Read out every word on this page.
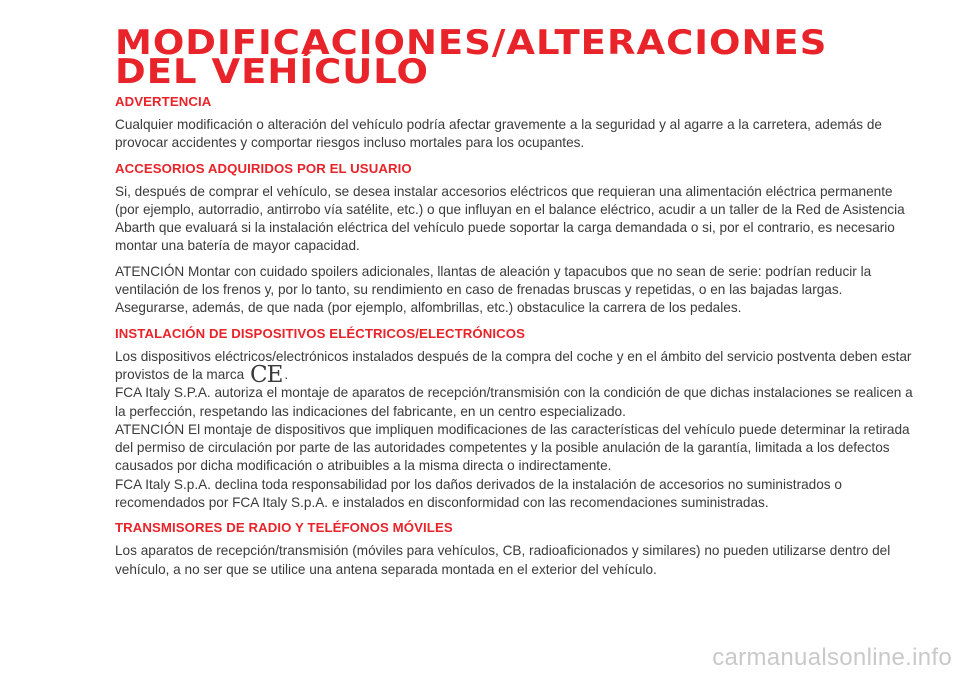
MODIFICACIONES/ALTERACIONES
DEL VEHÍCULO
ADVERTENCIA

Cualquier modificación o alteración del vehículo podría afectar gravemente a la seguridad y al agarre a la carretera, además de provocar accidentes y comportar riesgos incluso mortales para los ocupantes.

ACCESORIOS ADQUIRIDOS POR EL USUARIO

Si, después de comprar el vehículo, se desea instalar accesorios eléctricos que requieran una alimentación eléctrica permanente (por ejemplo, autorradio, antirrobo vía satélite, etc.) o que influyan en el balance eléctrico, acudir a un taller de la Red de Asistencia Abarth que evaluará si la instalación eléctrica del vehículo puede soportar la carga demandada o si, por el contrario, es necesario montar una batería de mayor capacidad.

ATENCIÓN Montar con cuidado spoilers adicionales, llantas de aleación y tapacubos que no sean de serie: podrían reducir la ventilación de los frenos y, por lo tanto, su rendimiento en caso de frenadas bruscas y repetidas, o en las bajadas largas. Asegurarse, además, de que nada (por ejemplo, alfombrillas, etc.) obstaculice la carrera de los pedales.

INSTALACIÓN DE DISPOSITIVOS ELÉCTRICOS/ELECTRÓNICOS

Los dispositivos eléctricos/electrónicos instalados después de la compra del coche y en el ámbito del servicio postventa deben estar provistos de la marca CE .

FCA Italy S.P.A. autoriza el montaje de aparatos de recepción/transmisión con la condición de que dichas instalaciones se realicen a la perfección, respetando las indicaciones del fabricante, en un centro especializado.

ATENCIÓN El montaje de dispositivos que impliquen modificaciones de las características del vehículo puede determinar la retirada del permiso de circulación por parte de las autoridades competentes y la posible anulación de la garantía, limitada a los defectos causados por dicha modificación o atribuibles a la misma directa o indirectamente.

FCA Italy S.p.A. declina toda responsabilidad por los daños derivados de la instalación de accesorios no suministrados o recomendados por FCA Italy S.p.A. e instalados en disconformidad con las recomendaciones suministradas.

TRANSMISORES DE RADIO Y TELÉFONOS MÓVILES

Los aparatos de recepción/transmisión (móviles para vehículos, CB, radioaficionados y similares) no pueden utilizarse dentro del vehículo, a no ser que se utilice una antena separada montada en el exterior del vehículo.

carmanualsonline.info
